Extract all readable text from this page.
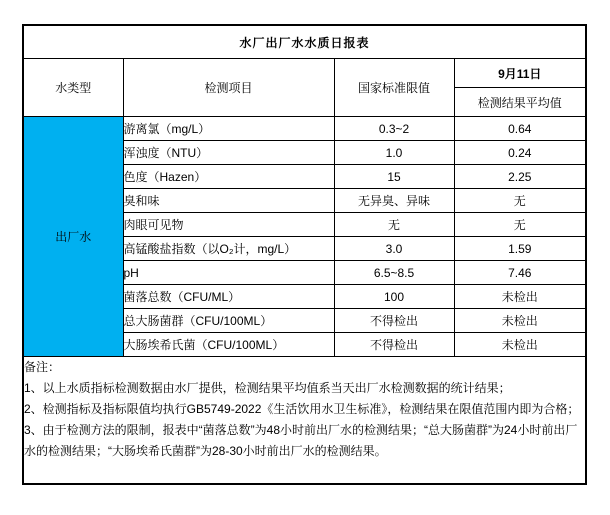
水厂出厂水水质日报表			
水类型	检测项目	国家标准限值	9月11日
			检测结果平均值
出厂水	游离氯（mg/L）	0.3~2	0.64
	浑浊度（NTU）	1.0	0.24
	色度（Hazen）	15	2.25
	臭和味	无异臭、异味	无
	肉眼可见物	无	无
	高锰酸盐指数（以O₂计，mg/L）	3.0	1.59
	pH	6.5~8.5	7.46
	菌落总数（CFU/ML）	100	未检出
	总大肠菌群（CFU/100ML）	不得检出	未检出
	大肠埃希氏菌（CFU/100ML）	不得检出	未检出

备注：
1、以上水质指标检测数据由水厂提供，检测结果平均值系当天出厂水检测数据的统计结果；
2、检测指标及指标限值均执行GB5749-2022《生活饮用水卫生标准》，检测结果在限值范围内即为合格；
3、由于检测方法的限制，报表中“菌落总数”为48小时前出厂水的检测结果；“总大肠菌群”为24小时前出厂水的检测结果；“大肠埃希氏菌群”为28-30小时前出厂水的检测结果。			
